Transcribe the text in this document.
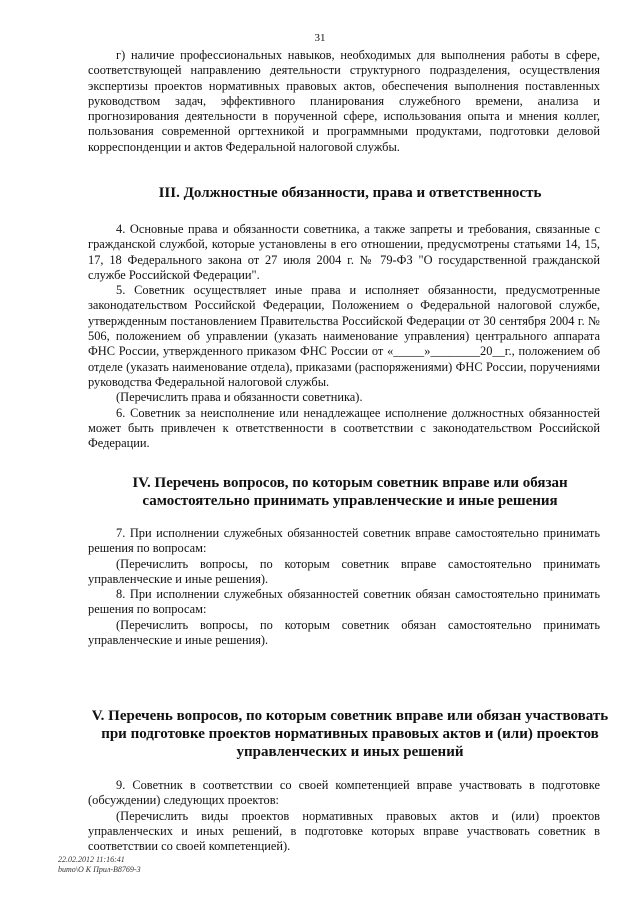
31

г) наличие профессиональных навыков, необходимых для выполнения работы в сфере, соответствующей направлению деятельности структурного подразделения, осуществления экспертизы проектов нормативных правовых актов, обеспечения выполнения поставленных руководством задач, эффективного планирования служебного времени, анализа и прогнозирования деятельности в порученной сфере, использования опыта и мнения коллег, пользования современной оргтехникой и программными продуктами, подготовки деловой корреспонденции и актов Федеральной налоговой службы.

III. Должностные обязанности, права и ответственность

4. Основные права и обязанности советника, а также запреты и требования, связанные с гражданской службой, которые установлены в его отношении, предусмотрены статьями 14, 15, 17, 18 Федерального закона от 27 июля 2004 г. № 79-ФЗ "О государственной гражданской службе Российской Федерации".

5. Советник осуществляет иные права и исполняет обязанности, предусмотренные законодательством Российской Федерации, Положением о Федеральной налоговой службе, утвержденным постановлением Правительства Российской Федерации от 30 сентября 2004 г. № 506, положением об управлении (указать наименование управления) центрального аппарата ФНС России, утвержденного приказом ФНС России от «_____»________20__г., положением об отделе (указать наименование отдела), приказами (распоряжениями) ФНС России, поручениями руководства Федеральной налоговой службы.

(Перечислить права и обязанности советника).

6. Советник за неисполнение или ненадлежащее исполнение должностных обязанностей может быть привлечен к ответственности в соответствии с законодательством Российской Федерации.

IV. Перечень вопросов, по которым советник вправе или обязан
самостоятельно принимать управленческие и иные решения

7. При исполнении служебных обязанностей советник вправе самостоятельно принимать решения по вопросам:

(Перечислить вопросы, по которым советник вправе самостоятельно принимать управленческие и иные решения).

8. При исполнении служебных обязанностей советник обязан самостоятельно принимать решения по вопросам:

(Перечислить вопросы, по которым советник обязан самостоятельно принимать управленческие и иные решения).

V. Перечень вопросов, по которым советник вправе или обязан участвовать
при подготовке проектов нормативных правовых актов и (или) проектов
управленческих и иных решений

9. Советник в соответствии со своей компетенцией вправе участвовать в подготовке (обсуждении) следующих проектов:

(Перечислить виды проектов нормативных правовых актов и (или) проектов управленческих и иных решений, в подготовке которых вправе участвовать советник в соответствии со своей компетенцией).

22.02.2012 11:16:41
bumo\О К Прил-В8769-3
